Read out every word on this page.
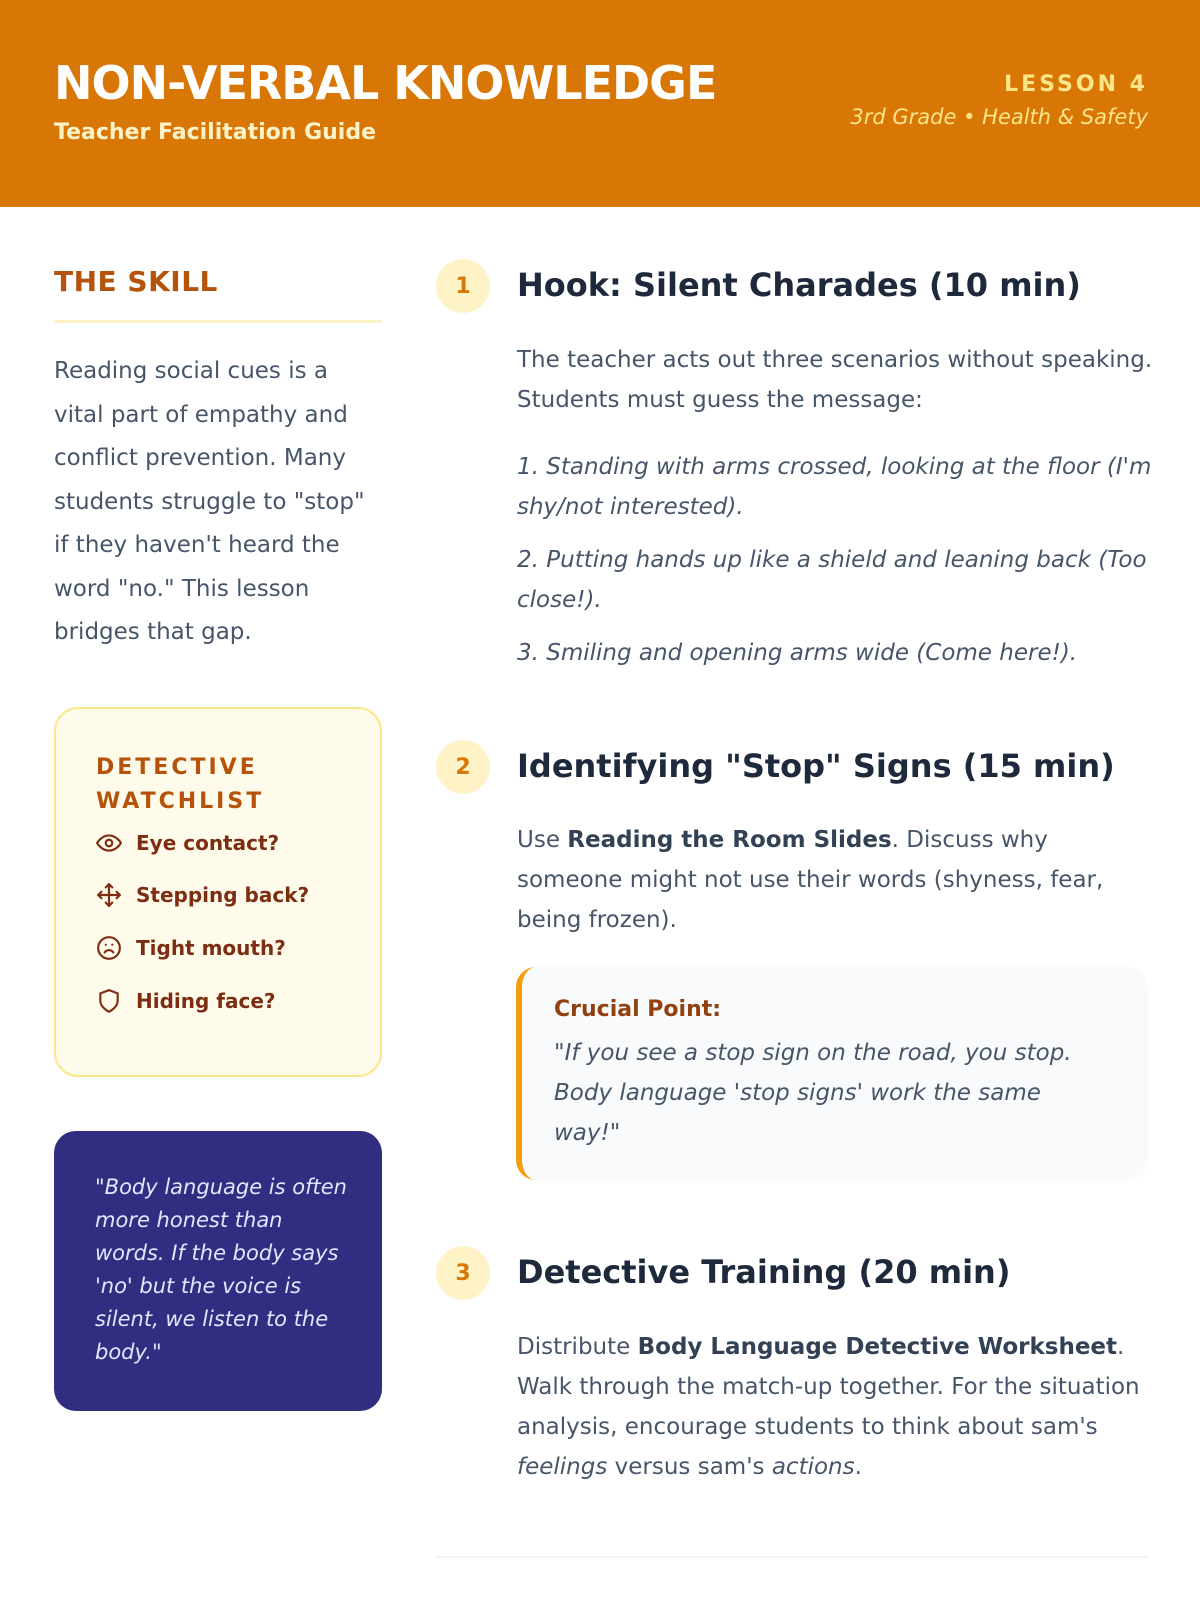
NON-VERBAL KNOWLEDGE
Teacher Facilitation Guide
LESSON 4
3rd Grade • Health & Safety
THE SKILL
Reading social cues is a vital part of empathy and conflict prevention. Many students struggle to "stop" if they haven't heard the word "no." This lesson bridges that gap.
DETECTIVE WATCHLIST
Eye contact?
Stepping back?
Tight mouth?
Hiding face?
"Body language is often more honest than words. If the body says 'no' but the voice is silent, we listen to the body."
1	Hook: Silent Charades (10 min)
The teacher acts out three scenarios without speaking. Students must guess the message:
1. Standing with arms crossed, looking at the floor (I'm shy/not interested).
2. Putting hands up like a shield and leaning back (Too close!).
3. Smiling and opening arms wide (Come here!).
2	Identifying "Stop" Signs (15 min)
Use Reading the Room Slides. Discuss why someone might not use their words (shyness, fear, being frozen).
Crucial Point:
"If you see a stop sign on the road, you stop. Body language 'stop signs' work the same way!"
3	Detective Training (20 min)
Distribute Body Language Detective Worksheet. Walk through the match-up together. For the situation analysis, encourage students to think about sam's feelings versus sam's actions.
